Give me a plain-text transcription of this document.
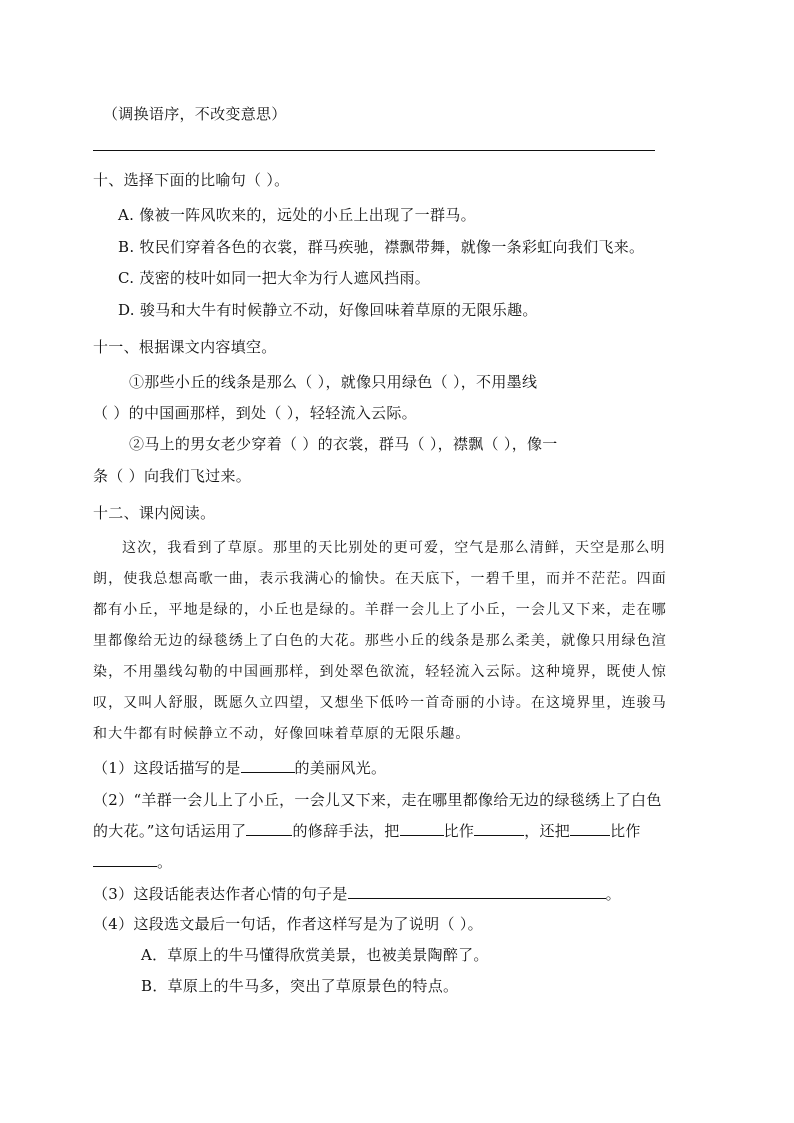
（调换语序，不改变意思）
十、选择下面的比喻句（ ）。
A. 像被一阵风吹来的，远处的小丘上出现了一群马。
B. 牧民们穿着各色的衣裳，群马疾驰，襟飘带舞，就像一条彩虹向我们飞来。
C. 茂密的枝叶如同一把大伞为行人遮风挡雨。
D. 骏马和大牛有时候静立不动，好像回味着草原的无限乐趣。
十一、根据课文内容填空。
①那些小丘的线条是那么（ ），就像只用绿色（ ），不用墨线
（ ）的中国画那样，到处（ ），轻轻流入云际。
②马上的男女老少穿着（ ）的衣裳，群马（ ），襟飘（ ），像一
条（ ）向我们飞过来。
十二、课内阅读。
这次，我看到了草原。那里的天比别处的更可爱，空气是那么清鲜，天空是那么明
朗，使我总想高歌一曲，表示我满心的愉快。在天底下，一碧千里，而并不茫茫。四面
都有小丘，平地是绿的，小丘也是绿的。羊群一会儿上了小丘，一会儿又下来，走在哪
里都像给无边的绿毯绣上了白色的大花。那些小丘的线条是那么柔美，就像只用绿色渲
染，不用墨线勾勒的中国画那样，到处翠色欲流，轻轻流入云际。这种境界，既使人惊
叹，又叫人舒服，既愿久立四望，又想坐下低吟一首奇丽的小诗。在这境界里，连骏马
和大牛都有时候静立不动，好像回味着草原的无限乐趣。
（1）这段话描写的是	的美丽风光。
（2）“羊群一会儿上了小丘，一会儿又下来，走在哪里都像给无边的绿毯绣上了白色
的大花。”这句话运用了	的修辞手法，把	比作	，还把	比作
。
（3）这段话能表达作者心情的句子是	。
（4）这段选文最后一句话，作者这样写是为了说明（ ）。
A．草原上的牛马懂得欣赏美景，也被美景陶醉了。
B．草原上的牛马多，突出了草原景色的特点。
